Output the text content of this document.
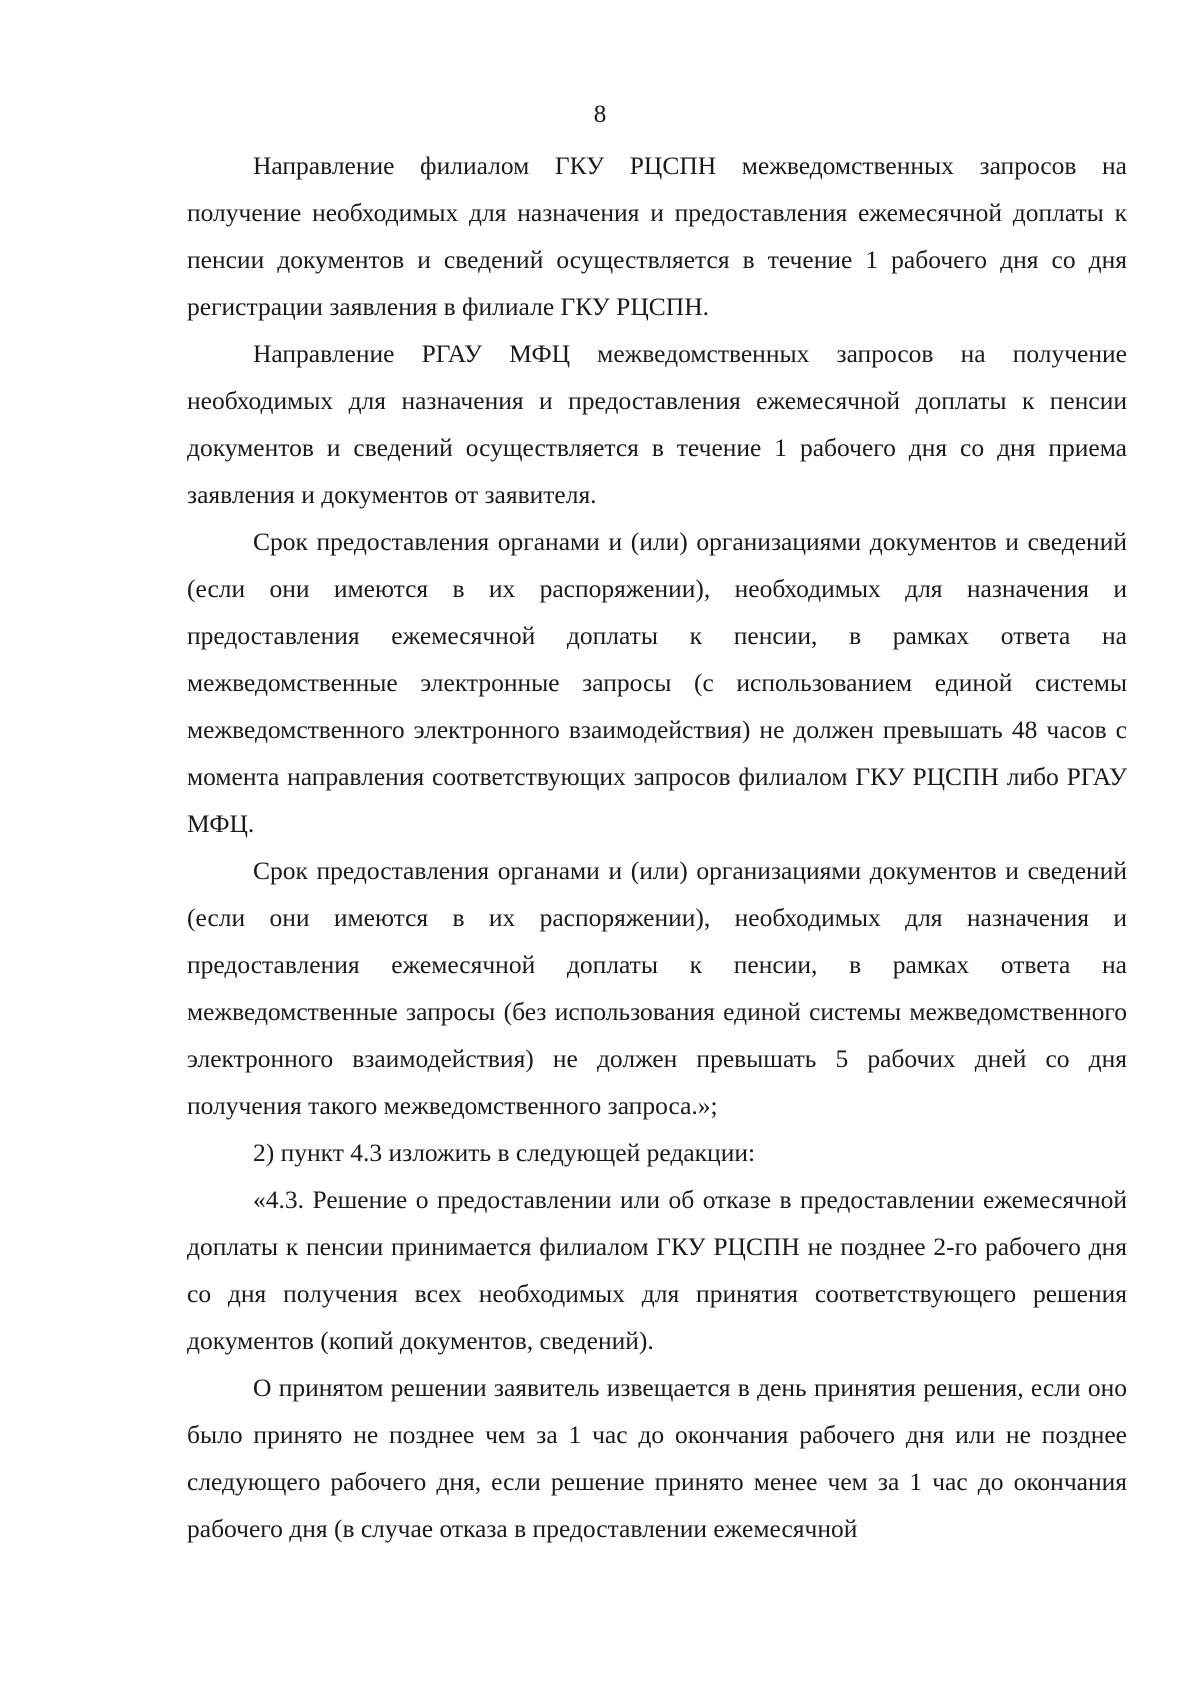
8

Направление филиалом ГКУ РЦСПН межведомственных запросов на получение необходимых для назначения и предоставления ежемесячной доплаты к пенсии документов и сведений осуществляется в течение 1 рабочего дня со дня регистрации заявления в филиале ГКУ РЦСПН.

Направление РГАУ МФЦ межведомственных запросов на получение необходимых для назначения и предоставления ежемесячной доплаты к пенсии документов и сведений осуществляется в течение 1 рабочего дня со дня приема заявления и документов от заявителя.

Срок предоставления органами и (или) организациями документов и сведений (если они имеются в их распоряжении), необходимых для назначения и предоставления ежемесячной доплаты к пенсии, в рамках ответа на межведомственные электронные запросы (с использованием единой системы межведомственного электронного взаимодействия) не должен превышать 48 часов с момента направления соответствующих запросов филиалом ГКУ РЦСПН либо РГАУ МФЦ.

Срок предоставления органами и (или) организациями документов и сведений (если они имеются в их распоряжении), необходимых для назначения и предоставления ежемесячной доплаты к пенсии, в рамках ответа на межведомственные запросы (без использования единой системы межведомственного электронного взаимодействия) не должен превышать 5 рабочих дней со дня получения такого межведомственного запроса.»;

2) пункт 4.3 изложить в следующей редакции:

«4.3. Решение о предоставлении или об отказе в предоставлении ежемесячной доплаты к пенсии принимается филиалом ГКУ РЦСПН не позднее 2-го рабочего дня со дня получения всех необходимых для принятия соответствующего решения документов (копий документов, сведений).

О принятом решении заявитель извещается в день принятия решения, если оно было принято не позднее чем за 1 час до окончания рабочего дня или не позднее следующего рабочего дня, если решение принято менее чем за 1 час до окончания рабочего дня (в случае отказа в предоставлении ежемесячной
